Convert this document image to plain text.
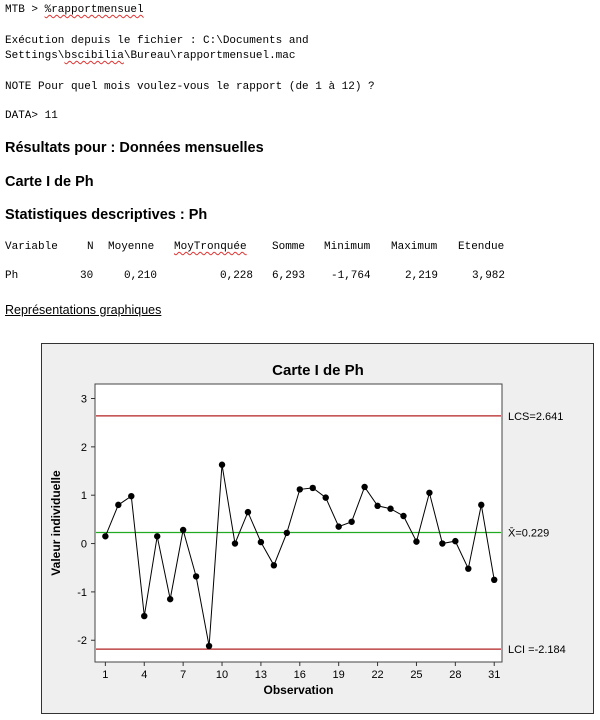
MTB > %rapportmensuel
Exécution depuis le fichier : C:\Documents and
Settings\bscibilia\Bureau\rapportmensuel.mac
NOTE Pour quel mois voulez-vous le rapport (de 1 à 12) ?
DATA> 11
Résultats pour : Données mensuelles
Carte I de Ph
Statistiques descriptives : Ph
Variable	N Moyenne MoyTronquée Somme Minimum Maximum Etendue
Ph	30	0,210	0,228 6,293 -1,764	2,219	3,982
Représentations graphiques
Carte I de Ph
-2
-1
0
1
2
3
1	4	7	10 13 16 19 22 25 28 31
Observation
Valeur individuelle
LCS=2.641
X̄=0.229
LCI =-2.184
